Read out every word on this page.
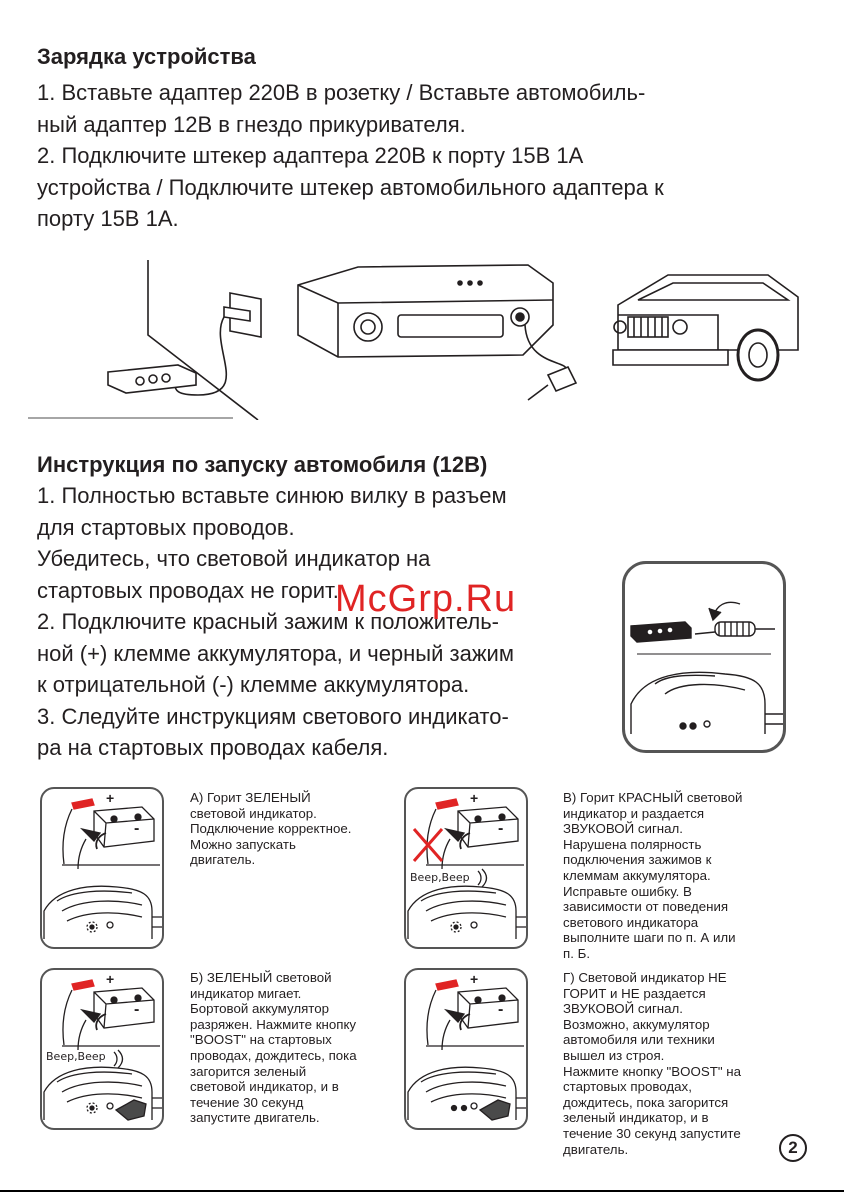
Зарядка устройства
1. Вставьте адаптер 220В в розетку / Вставьте автомобиль-
ный адаптер 12В в гнездо прикуривателя.
2. Подключите штекер адаптера 220В к порту 15В 1А
устройства / Подключите штекер автомобильного адаптера к
порту 15В 1А.
Инструкция по запуску автомобиля (12В)
1. Полностью вставьте синюю вилку в разъем
для стартовых проводов.
Убедитесь, что световой индикатор на
стартовых проводах не горит.
2. Подключите красный зажим к положитель-
ной (+) клемме аккумулятора, и черный зажим
к отрицательной (-) клемме аккумулятора.
3. Следуйте инструкциям светового индикато-
ра на стартовых проводах кабеля.
McGrp.Ru
+
-
+
-
+
-
+
-
Beep,Beep
Beep,Beep
А) Горит ЗЕЛЕНЫЙ
световой индикатор.
Подключение корректное.
Можно запускать
двигатель.
Б) ЗЕЛЕНЫЙ световой
индикатор мигает.
Бортовой аккумулятор
разряжен. Нажмите кнопку
"BOOST" на стартовых
проводах, дождитесь, пока
загорится зеленый
световой индикатор, и в
течение 30 секунд
запустите двигатель.
В) Горит КРАСНЫЙ световой
индикатор и раздается
ЗВУКОВОЙ сигнал.
Нарушена полярность
подключения зажимов к
клеммам аккумулятора.
Исправьте ошибку. В
зависимости от поведения
светового индикатора
выполните шаги по п. А или
п. Б.
Г) Световой индикатор НЕ
ГОРИТ и НЕ раздается
ЗВУКОВОЙ сигнал.
Возможно, аккумулятор
автомобиля или техники
вышел из строя.
Нажмите кнопку "BOOST" на
стартовых проводах,
дождитесь, пока загорится
зеленый индикатор, и в
течение 30 секунд запустите
двигатель.	2
